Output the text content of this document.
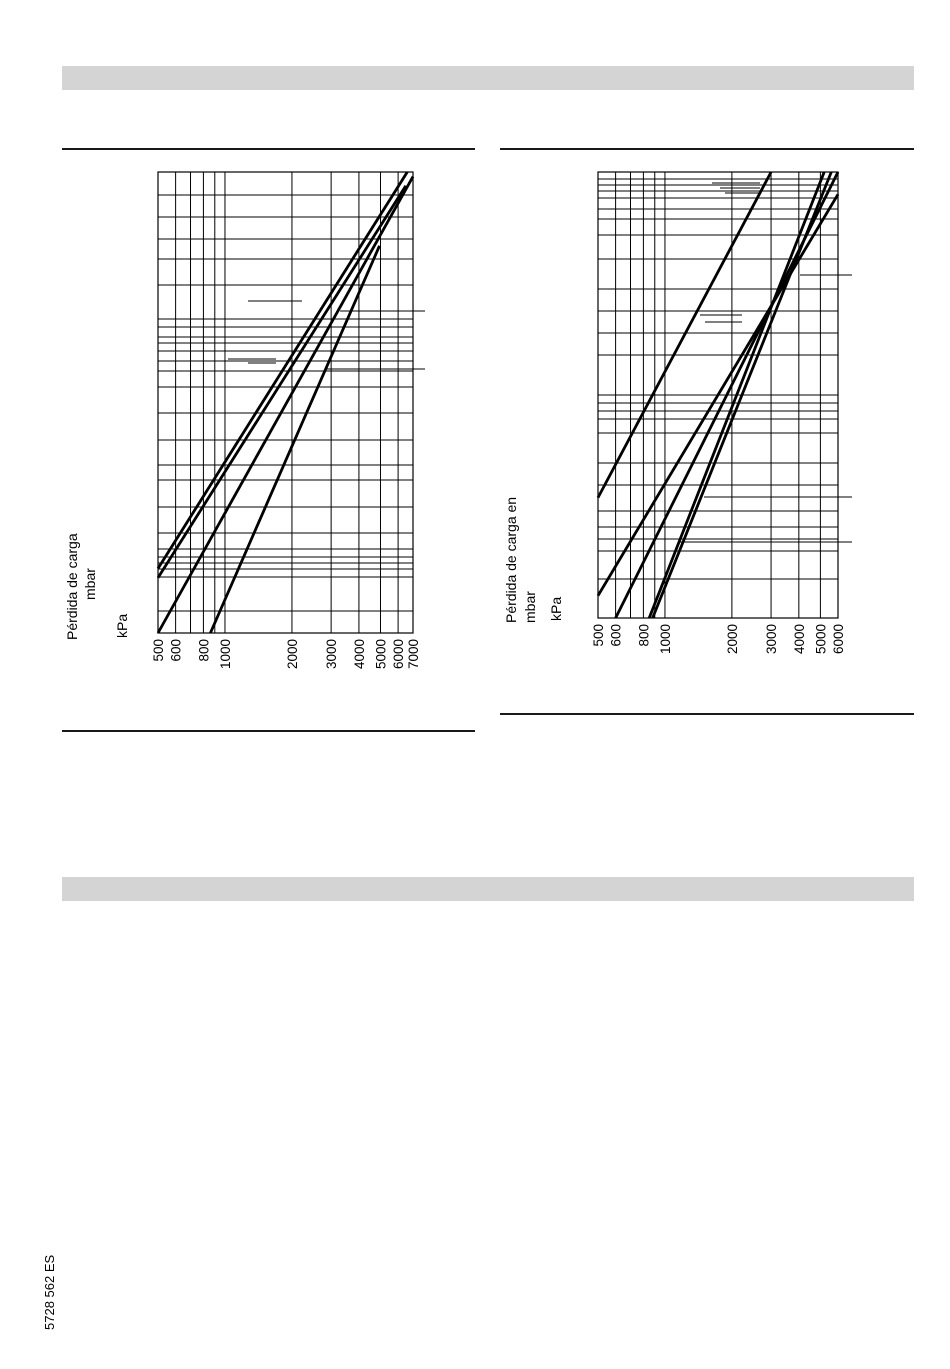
Pérdida de carga mbar
kPa
500 600 800 1000	2000 3000 4000 5000 6000 7000
Pérdida de carga en mbar kPa
500 600 800 1000	2000 3000 4000 5000 6000
5728 562 ES
